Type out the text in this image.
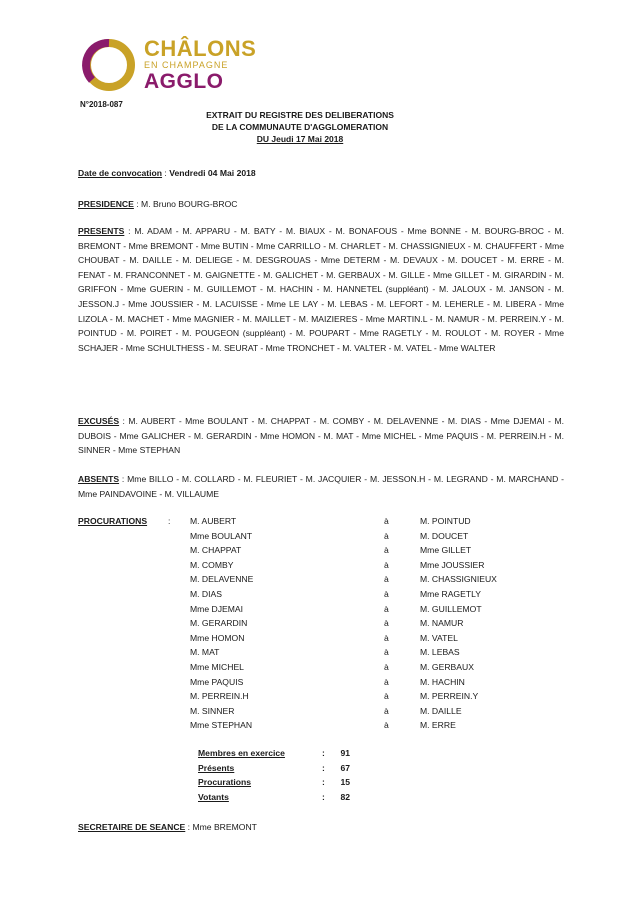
CHÂLONS
EN CHAMPAGNE
AGGLO
N°2018-087
EXTRAIT DU REGISTRE DES DELIBERATIONS
DE LA COMMUNAUTE D'AGGLOMERATION
DU Jeudi 17 Mai 2018
Date de convocation : Vendredi 04 Mai 2018
PRESIDENCE : M. Bruno BOURG-BROC
PRESENTS : M. ADAM - M. APPARU - M. BATY - M. BIAUX - M. BONAFOUS - Mme BONNE - M. BOURG-BROC - M. BREMONT - Mme BREMONT - Mme BUTIN - Mme CARRILLO - M. CHARLET - M. CHASSIGNIEUX - M. CHAUFFERT - Mme CHOUBAT - M. DAILLE - M. DELIEGE - M. DESGROUAS - Mme DETERM - M. DEVAUX - M. DOUCET - M. ERRE - M. FENAT - M. FRANCONNET - M. GAIGNETTE - M. GALICHET - M. GERBAUX - M. GILLE - Mme GILLET - M. GIRARDIN - M. GRIFFON - Mme GUERIN - M. GUILLEMOT - M. HACHIN - M. HANNETEL (suppléant) - M. JALOUX - M. JANSON - M. JESSON.J - Mme JOUSSIER - M. LACUISSE - Mme LE LAY - M. LEBAS - M. LEFORT - M. LEHERLE - M. LIBERA - Mme LIZOLA - M. MACHET - Mme MAGNIER - M. MAILLET - M. MAIZIERES - Mme MARTIN.L - M. NAMUR - M. PERREIN.Y - M. POINTUD - M. POIRET - M. POUGEON (suppléant) - M. POUPART - Mme RAGETLY - M. ROULOT - M. ROYER - Mme SCHAJER - Mme SCHULTHESS - M. SEURAT - Mme TRONCHET - M. VALTER - M. VATEL - Mme WALTER
EXCUSÉS : M. AUBERT - Mme BOULANT - M. CHAPPAT - M. COMBY - M. DELAVENNE - M. DIAS - Mme DJEMAI - M. DUBOIS - Mme GALICHER - M. GERARDIN - Mme HOMON - M. MAT - Mme MICHEL - Mme PAQUIS - M. PERREIN.H - M. SINNER - Mme STEPHAN
ABSENTS : Mme BILLO - M. COLLARD - M. FLEURIET - M. JACQUIER - M. JESSON.H - M. LEGRAND - M. MARCHAND - Mme PAINDAVOINE - M. VILLAUME
PROCURATIONS : M. AUBERT	à	M. POINTUD
Mme BOULANT	à	M. DOUCET
M. CHAPPAT	à	Mme GILLET
M. COMBY	à	Mme JOUSSIER
M. DELAVENNE	à	M. CHASSIGNIEUX
M. DIAS	à	Mme RAGETLY
Mme DJEMAI	à	M. GUILLEMOT
M. GERARDIN	à	M. NAMUR
Mme HOMON	à	M. VATEL
M. MAT	à	M. LEBAS
Mme MICHEL	à	M. GERBAUX
Mme PAQUIS	à	M. HACHIN
M. PERREIN.H	à	M. PERREIN.Y
M. SINNER	à	M. DAILLE
Mme STEPHAN	à	M. ERRE
Membres en exercice	: 91
Présents	: 67
Procurations	: 15
Votants	: 82
SECRETAIRE DE SEANCE : Mme BREMONT
